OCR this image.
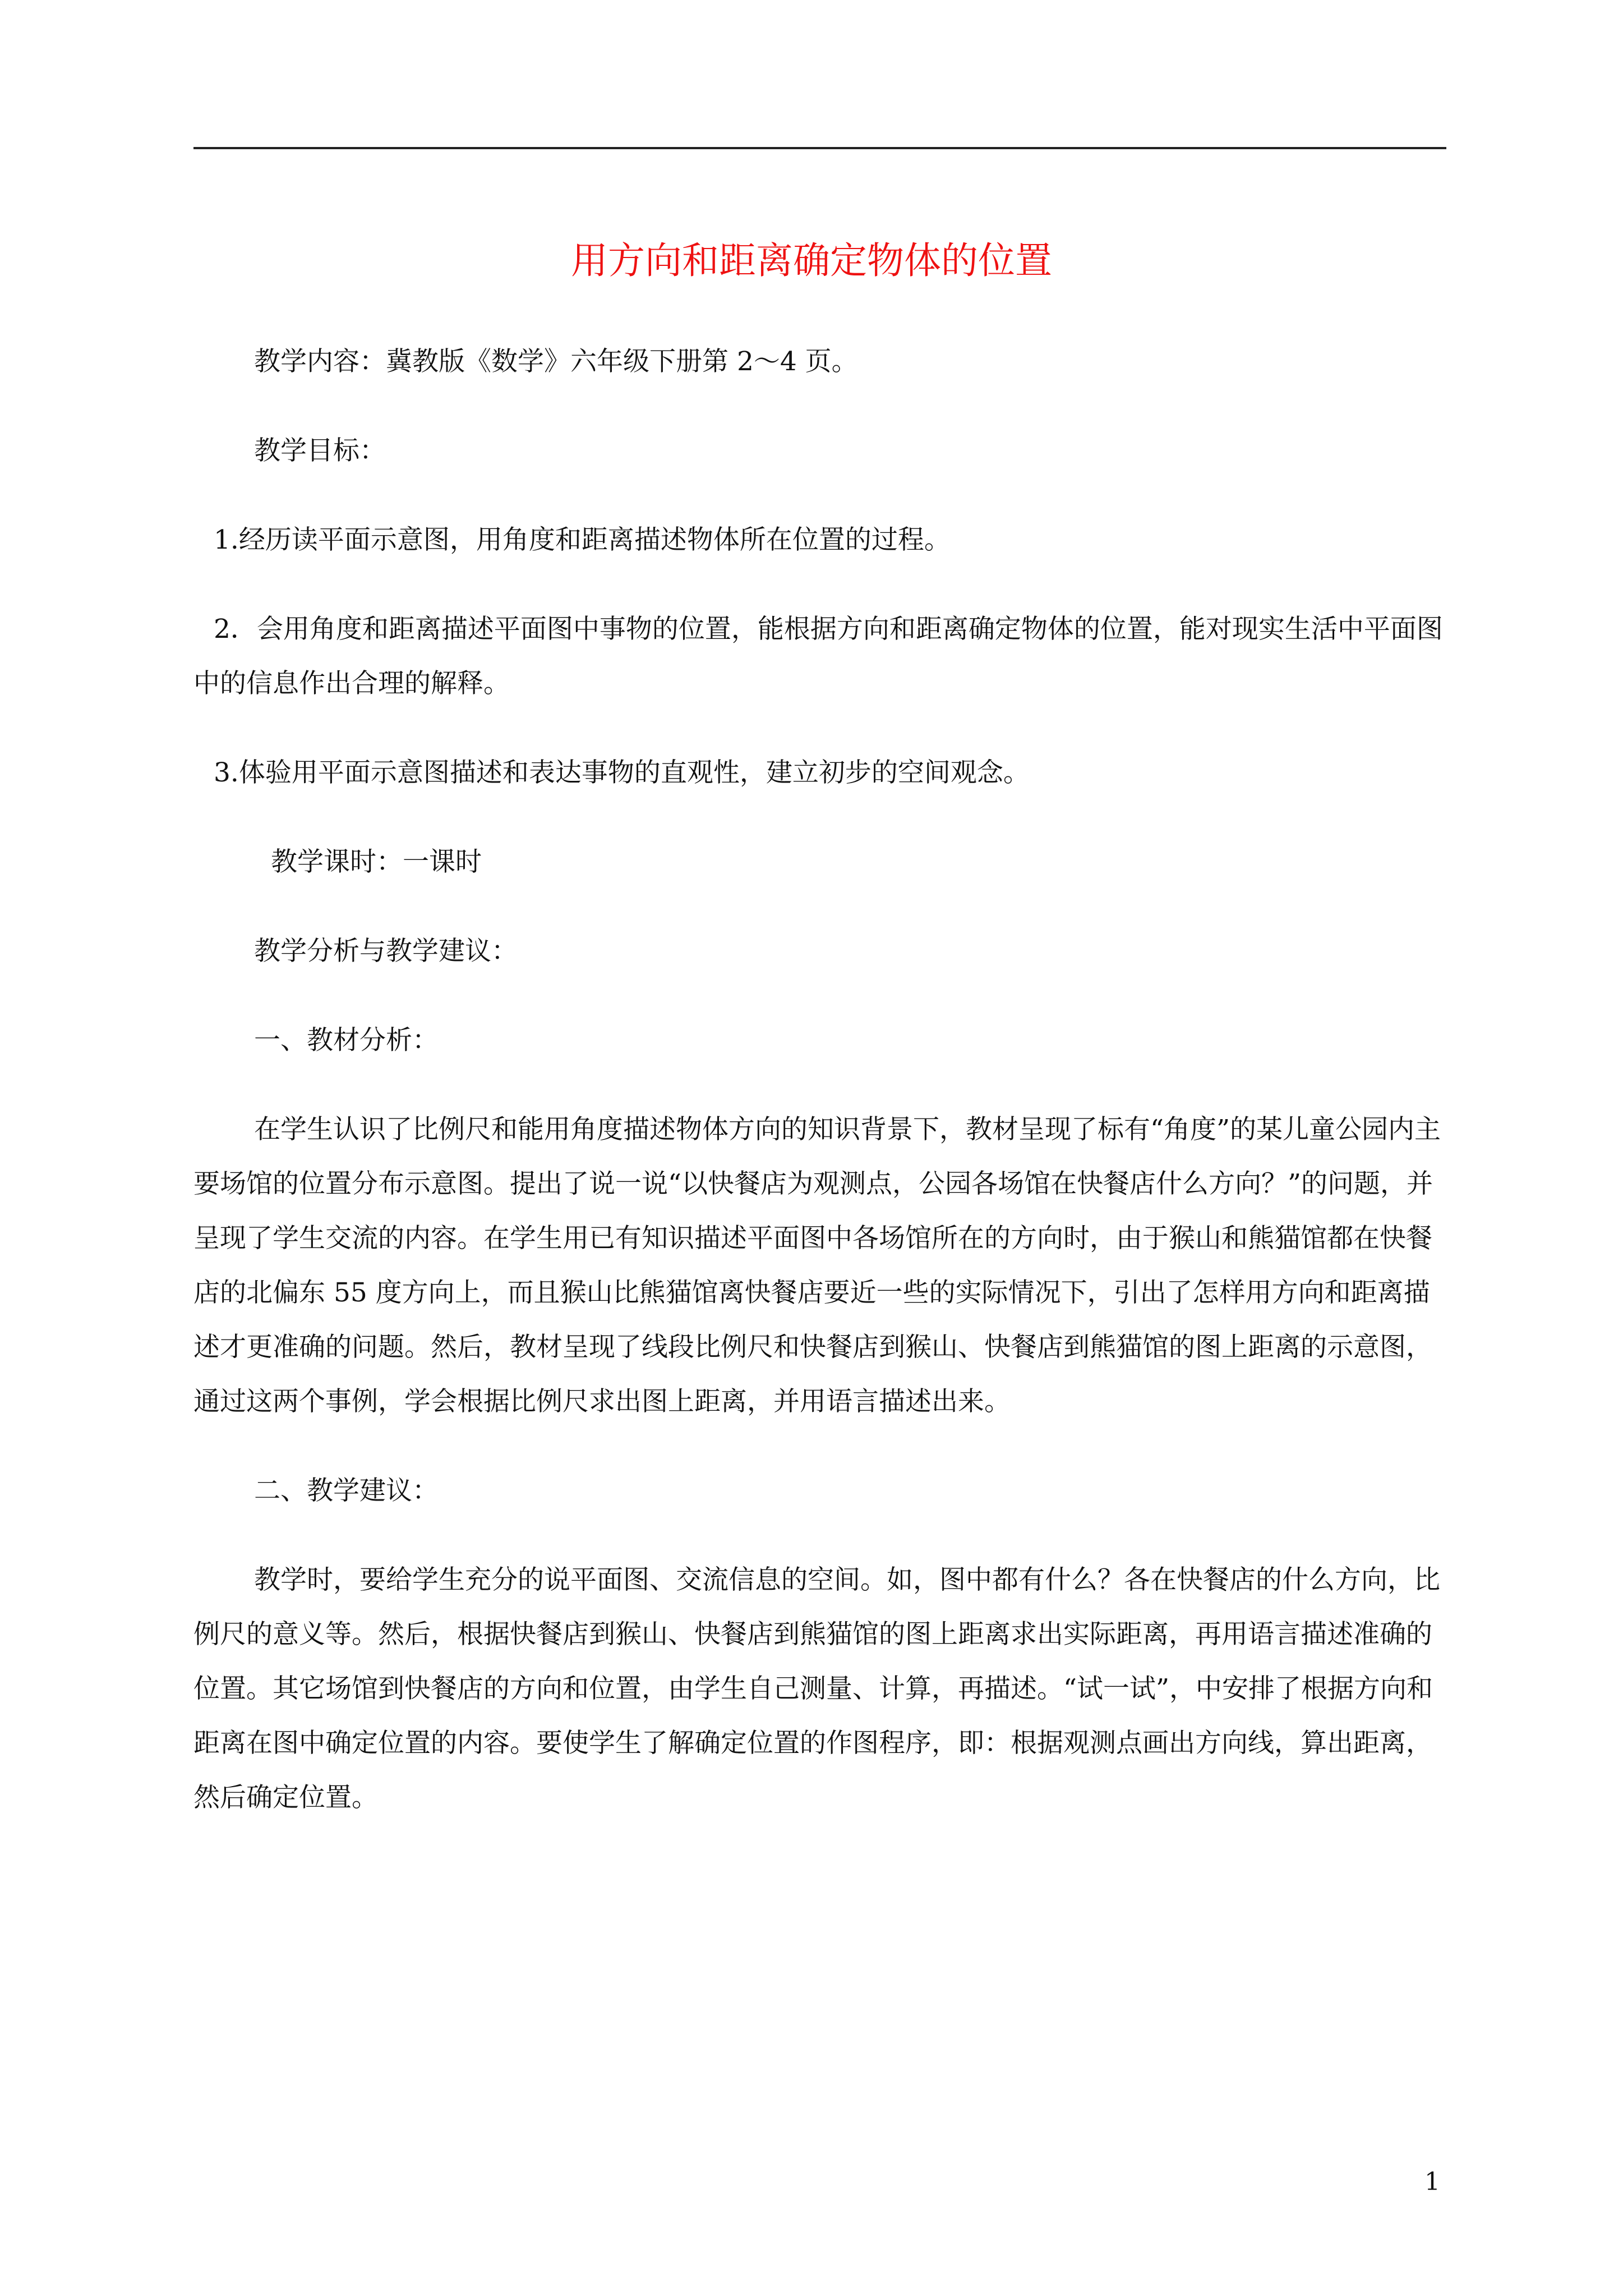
用方向和距离确定物体的位置

教学内容：冀教版《数学》六年级下册第 2～4 页。

教学目标：

1.经历读平面示意图，用角度和距离描述物体所在位置的过程。

2．会用角度和距离描述平面图中事物的位置，能根据方向和距离确定物体的位置，能对现实生活中平面图中的信息作出合理的解释。

3.体验用平面示意图描述和表达事物的直观性，建立初步的空间观念。

教学课时：一课时

教学分析与教学建议：

一、教材分析：

在学生认识了比例尺和能用角度描述物体方向的知识背景下，教材呈现了标有“角度”的某儿童公园内主要场馆的位置分布示意图。提出了说一说“以快餐店为观测点，公园各场馆在快餐店什么方向？”的问题，并呈现了学生交流的内容。在学生用已有知识描述平面图中各场馆所在的方向时，由于猴山和熊猫馆都在快餐店的北偏东 55 度方向上，而且猴山比熊猫馆离快餐店要近一些的实际情况下，引出了怎样用方向和距离描述才更准确的问题。然后，教材呈现了线段比例尺和快餐店到猴山、快餐店到熊猫馆的图上距离的示意图， 通过这两个事例，学会根据比例尺求出图上距离，并用语言描述出来。

二、教学建议：

教学时，要给学生充分的说平面图、交流信息的空间。如，图中都有什么？各在快餐店的什么方向，比例尺的意义等。然后，根据快餐店到猴山、快餐店到熊猫馆的图上距离求出实际距离，再用语言描述准确的位置。其它场馆到快餐店的方向和位置，由学生自己测量、计算，再描述。“试一试”，中安排了根据方向和距离在图中确定位置的内容。要使学生了解确定位置的作图程序，即：根据观测点画出方向线，算出距离，然后确定位置。

1
